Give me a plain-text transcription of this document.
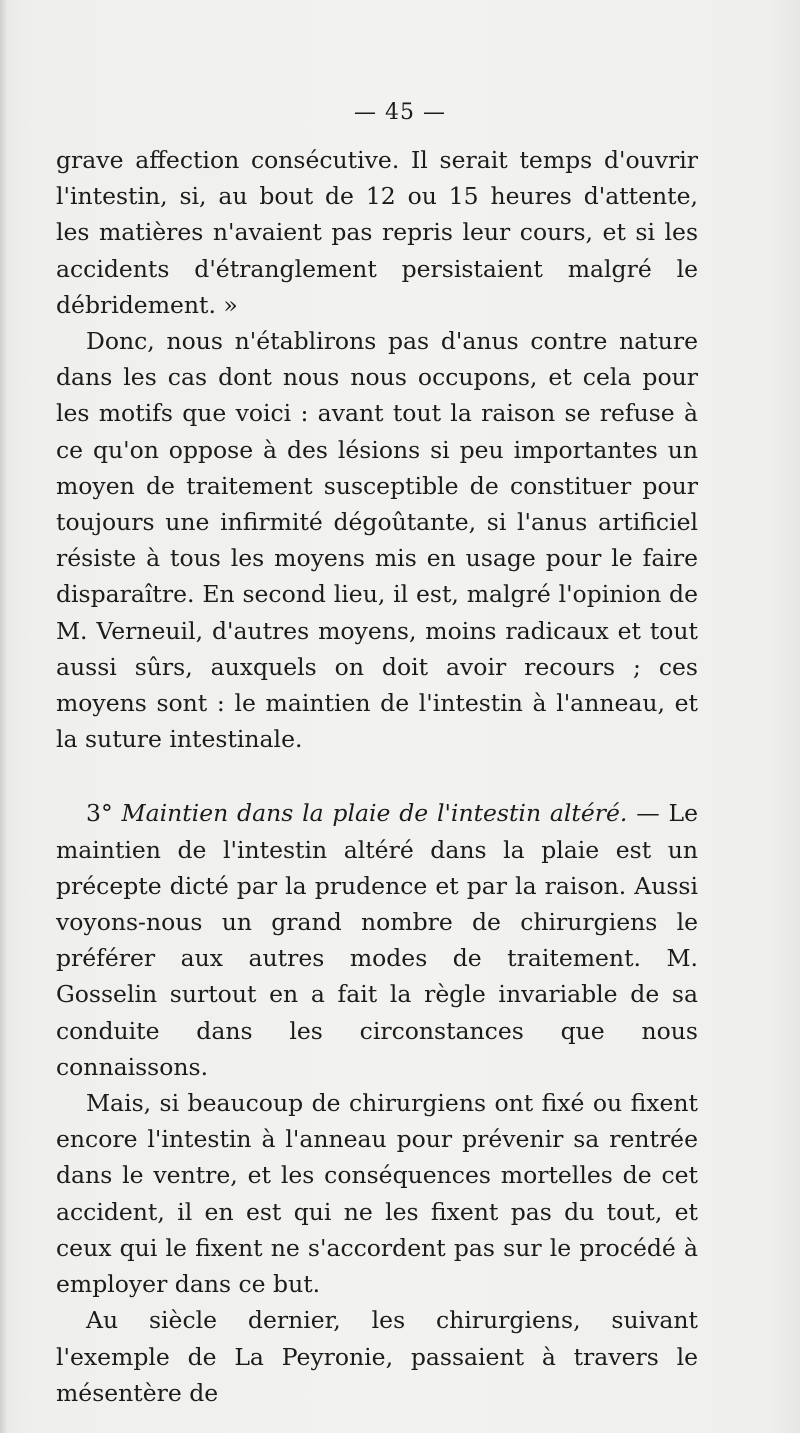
— 45 —

grave affection consécutive. Il serait temps d'ouvrir l'intestin, si, au bout de 12 ou 15 heures d'attente, les matières n'avaient pas repris leur cours, et si les accidents d'étranglement persistaient malgré le débridement. »

Donc, nous n'établirons pas d'anus contre nature dans les cas dont nous nous occupons, et cela pour les motifs que voici : avant tout la raison se refuse à ce qu'on oppose à des lésions si peu importantes un moyen de traitement susceptible de constituer pour toujours une infirmité dégoûtante, si l'anus artificiel résiste à tous les moyens mis en usage pour le faire disparaître. En second lieu, il est, malgré l'opinion de M. Verneuil, d'autres moyens, moins radicaux et tout aussi sûrs, auxquels on doit avoir recours ; ces moyens sont : le maintien de l'intestin à l'anneau, et la suture intestinale.

3° Maintien dans la plaie de l'intestin altéré. — Le maintien de l'intestin altéré dans la plaie est un précepte dicté par la prudence et par la raison. Aussi voyons-nous un grand nombre de chirurgiens le préférer aux autres modes de traitement. M. Gosselin surtout en a fait la règle invariable de sa conduite dans les circonstances que nous connaissons.

Mais, si beaucoup de chirurgiens ont fixé ou fixent encore l'intestin à l'anneau pour prévenir sa rentrée dans le ventre, et les conséquences mortelles de cet accident, il en est qui ne les fixent pas du tout, et ceux qui le fixent ne s'accordent pas sur le procédé à employer dans ce but.

Au siècle dernier, les chirurgiens, suivant l'exemple de La Peyronie, passaient à travers le mésentère de
